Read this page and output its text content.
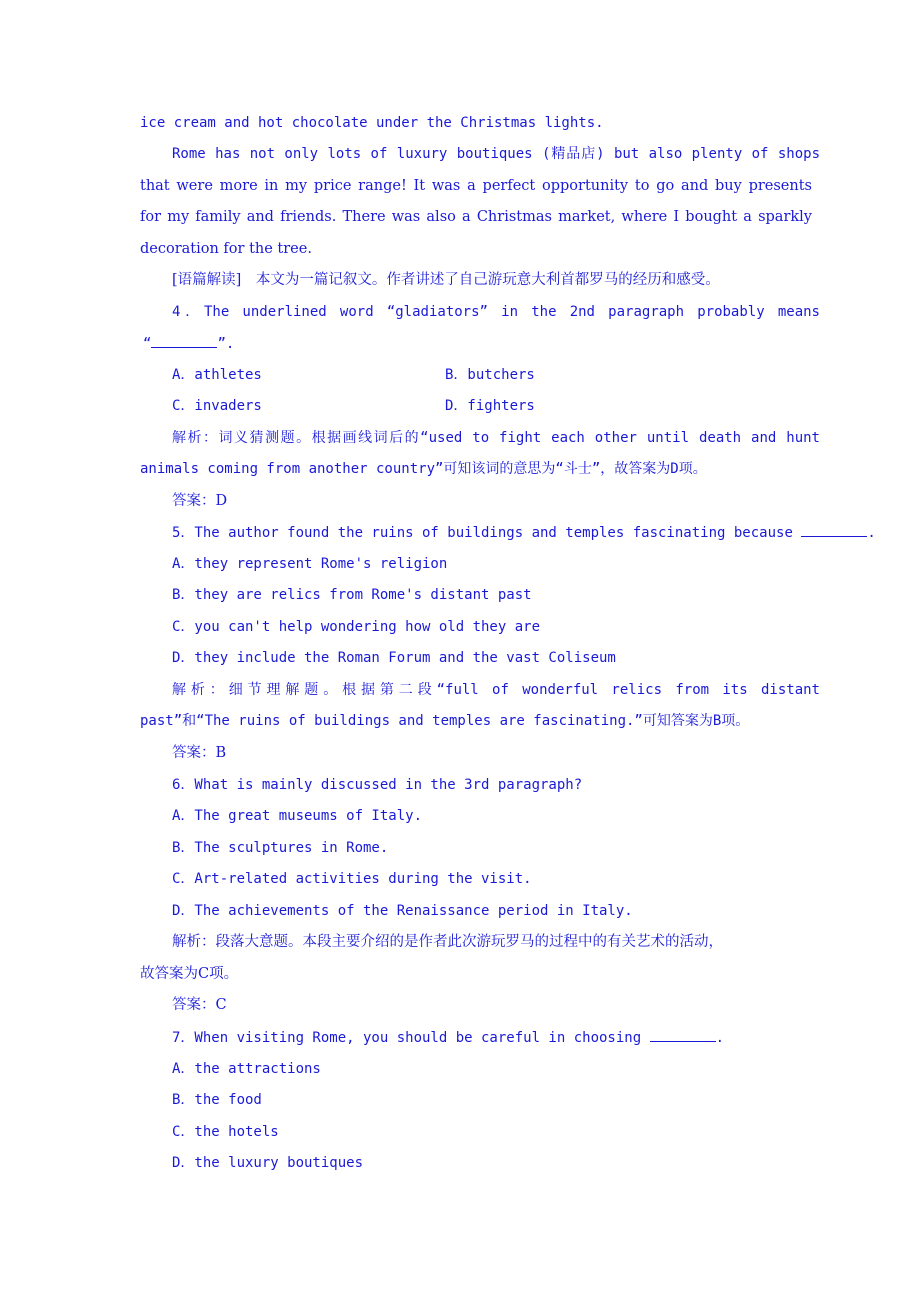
ice cream and hot chocolate under the Christmas lights.
Rome has not only lots of luxury boutiques (精品店) but also plenty of shops
that were more in my price range! It was a perfect opportunity to go and buy presents
for my family and friends. There was also a Christmas market, where I bought a sparkly
decoration for the tree.
[语篇解读]　本文为一篇记叙文。作者讲述了自己游玩意大利首都罗马的经历和感受。
4．The underlined word “gladiators” in the 2nd paragraph probably means
“	”.
A．athletes	B．butchers
C．invaders	D．fighters
解析：词义猜测题。根据画线词后的“used to fight each other until death and hunt
animals coming from another country”可知该词的意思为“斗士”，故答案为D项。
答案：D
5．The author found the ruins of buildings and temples fascinating because	.
A．they represent Rome's religion
B．they are relics from Rome's distant past
C．you can't help wondering how old they are
D．they include the Roman Forum and the vast Coliseum
解析：细节理解题。根据第二段“full of wonderful relics from its distant
past”和“The ruins of buildings and temples are fascinating.”可知答案为B项。
答案：B
6．What is mainly discussed in the 3rd paragraph?
A．The great museums of Italy.
B．The sculptures in Rome.
C．Art-related activities during the visit.
D．The achievements of the Renaissance period in Italy.
解析：段落大意题。本段主要介绍的是作者此次游玩罗马的过程中的有关艺术的活动，
故答案为C项。
答案：C
7．When visiting Rome, you should be careful in choosing	.
A．the attractions
B．the food
C．the hotels
D．the luxury boutiques
